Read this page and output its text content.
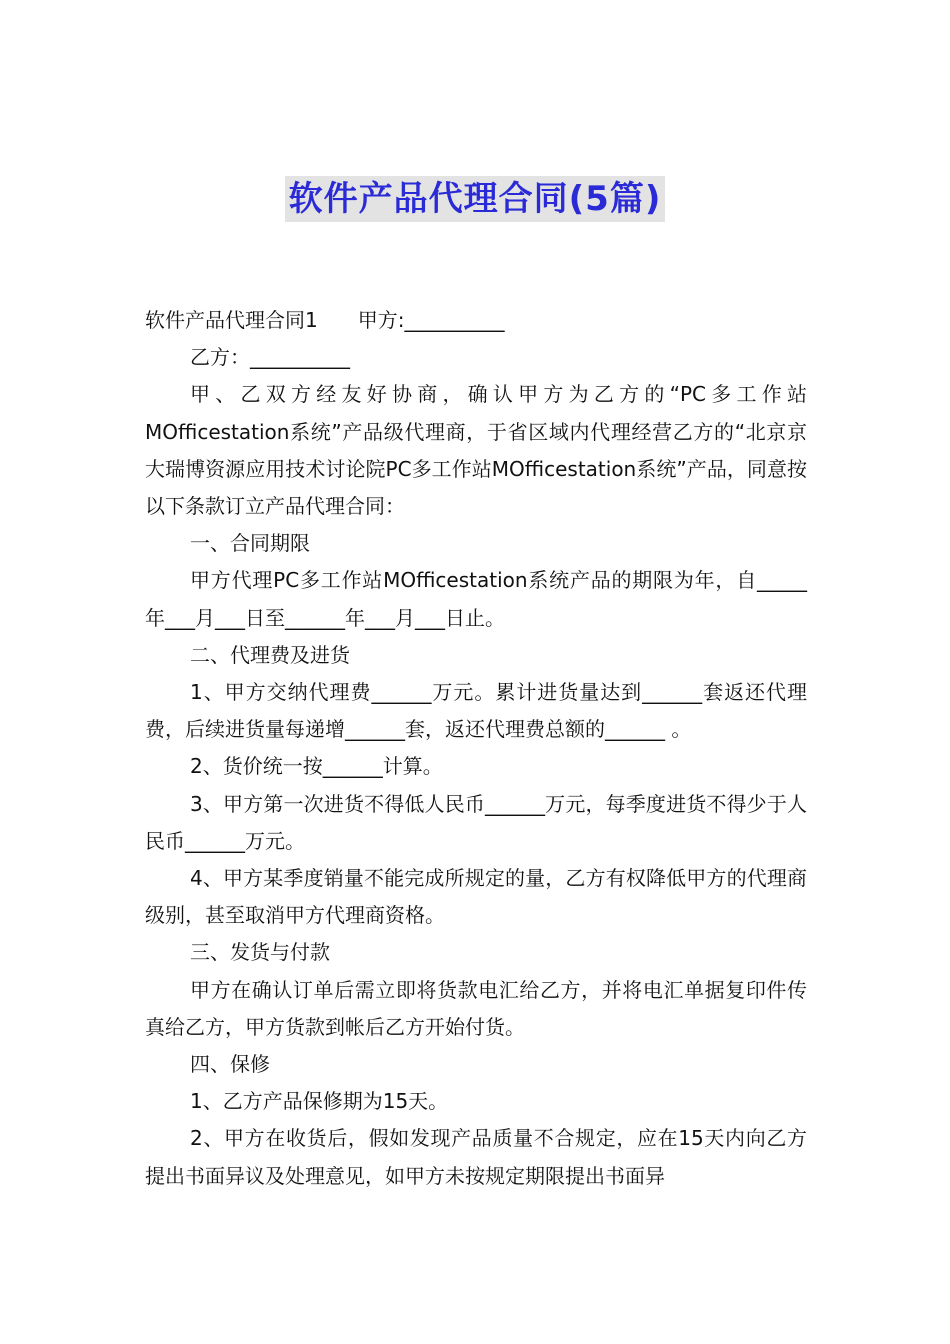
软件产品代理合同(5篇)

软件产品代理合同1 甲方:__________

乙方：__________

甲、乙双方经友好协商，确认甲方为乙方的“PC多工作站MOfficestation系统”产品级代理商，于省区域内代理经营乙方的“北京京大瑞博资源应用技术讨论院PC多工作站MOfficestation系统”产品，同意按以下条款订立产品代理合同：

一、合同期限

甲方代理PC多工作站MOfficestation系统产品的期限为年，自_____年___月___日至______年___月___日止。

二、代理费及进货

1、甲方交纳代理费______万元。累计进货量达到______套返还代理费，后续进货量每递增______套，返还代理费总额的______ 。

2、货价统一按______计算。

3、甲方第一次进货不得低人民币______万元，每季度进货不得少于人民币______万元。

4、甲方某季度销量不能完成所规定的量，乙方有权降低甲方的代理商级别，甚至取消甲方代理商资格。

三、发货与付款

甲方在确认订单后需立即将货款电汇给乙方，并将电汇单据复印件传真给乙方，甲方货款到帐后乙方开始付货。

四、保修

1、乙方产品保修期为15天。

2、甲方在收货后，假如发现产品质量不合规定，应在15天内向乙方提出书面异议及处理意见，如甲方未按规定期限提出书面异
